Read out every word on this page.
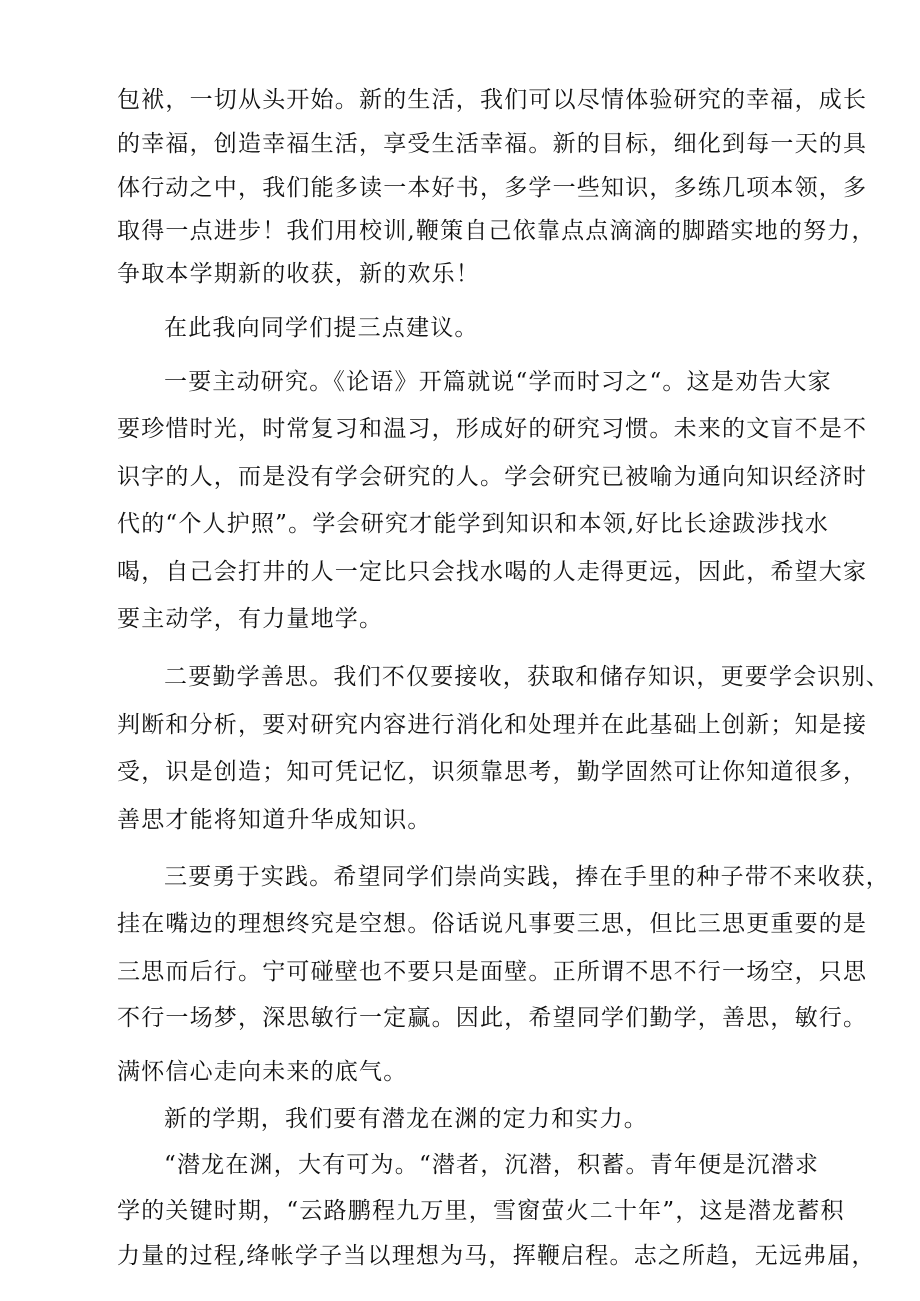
包袱，一切从头开始。新的生活，我们可以尽情体验研究的幸福，成长
的幸福，创造幸福生活，享受生活幸福。新的目标，细化到每一天的具
体行动之中，我们能多读一本好书，多学一些知识，多练几项本领，多
取得一点进步！我们用校训,鞭策自己依靠点点滴滴的脚踏实地的努力，
争取本学期新的收获，新的欢乐！
在此我向同学们提三点建议。
一要主动研究。《论语》开篇就说“学而时习之“。这是劝告大家
要珍惜时光，时常复习和温习，形成好的研究习惯。未来的文盲不是不
识字的人，而是没有学会研究的人。学会研究已被喻为通向知识经济时
代的“个人护照”。学会研究才能学到知识和本领,好比长途跋涉找水
喝，自己会打井的人一定比只会找水喝的人走得更远，因此，希望大家
要主动学，有力量地学。
二要勤学善思。我们不仅要接收，获取和储存知识，更要学会识别、
判断和分析，要对研究内容进行消化和处理并在此基础上创新；知是接
受，识是创造；知可凭记忆，识须靠思考，勤学固然可让你知道很多，
善思才能将知道升华成知识。
三要勇于实践。希望同学们崇尚实践，捧在手里的种子带不来收获，
挂在嘴边的理想终究是空想。俗话说凡事要三思，但比三思更重要的是
三思而后行。宁可碰壁也不要只是面壁。正所谓不思不行一场空，只思
不行一场梦，深思敏行一定赢。因此，希望同学们勤学，善思，敏行。
满怀信心走向未来的底气。
新的学期，我们要有潜龙在渊的定力和实力。
“潜龙在渊，大有可为。“潜者，沉潜，积蓄。青年便是沉潜求
学的关键时期，“云路鹏程九万里，雪窗萤火二十年”，这是潜龙蓄积
力量的过程,绛帐学子当以理想为马，挥鞭启程。志之所趋，无远弗届，
